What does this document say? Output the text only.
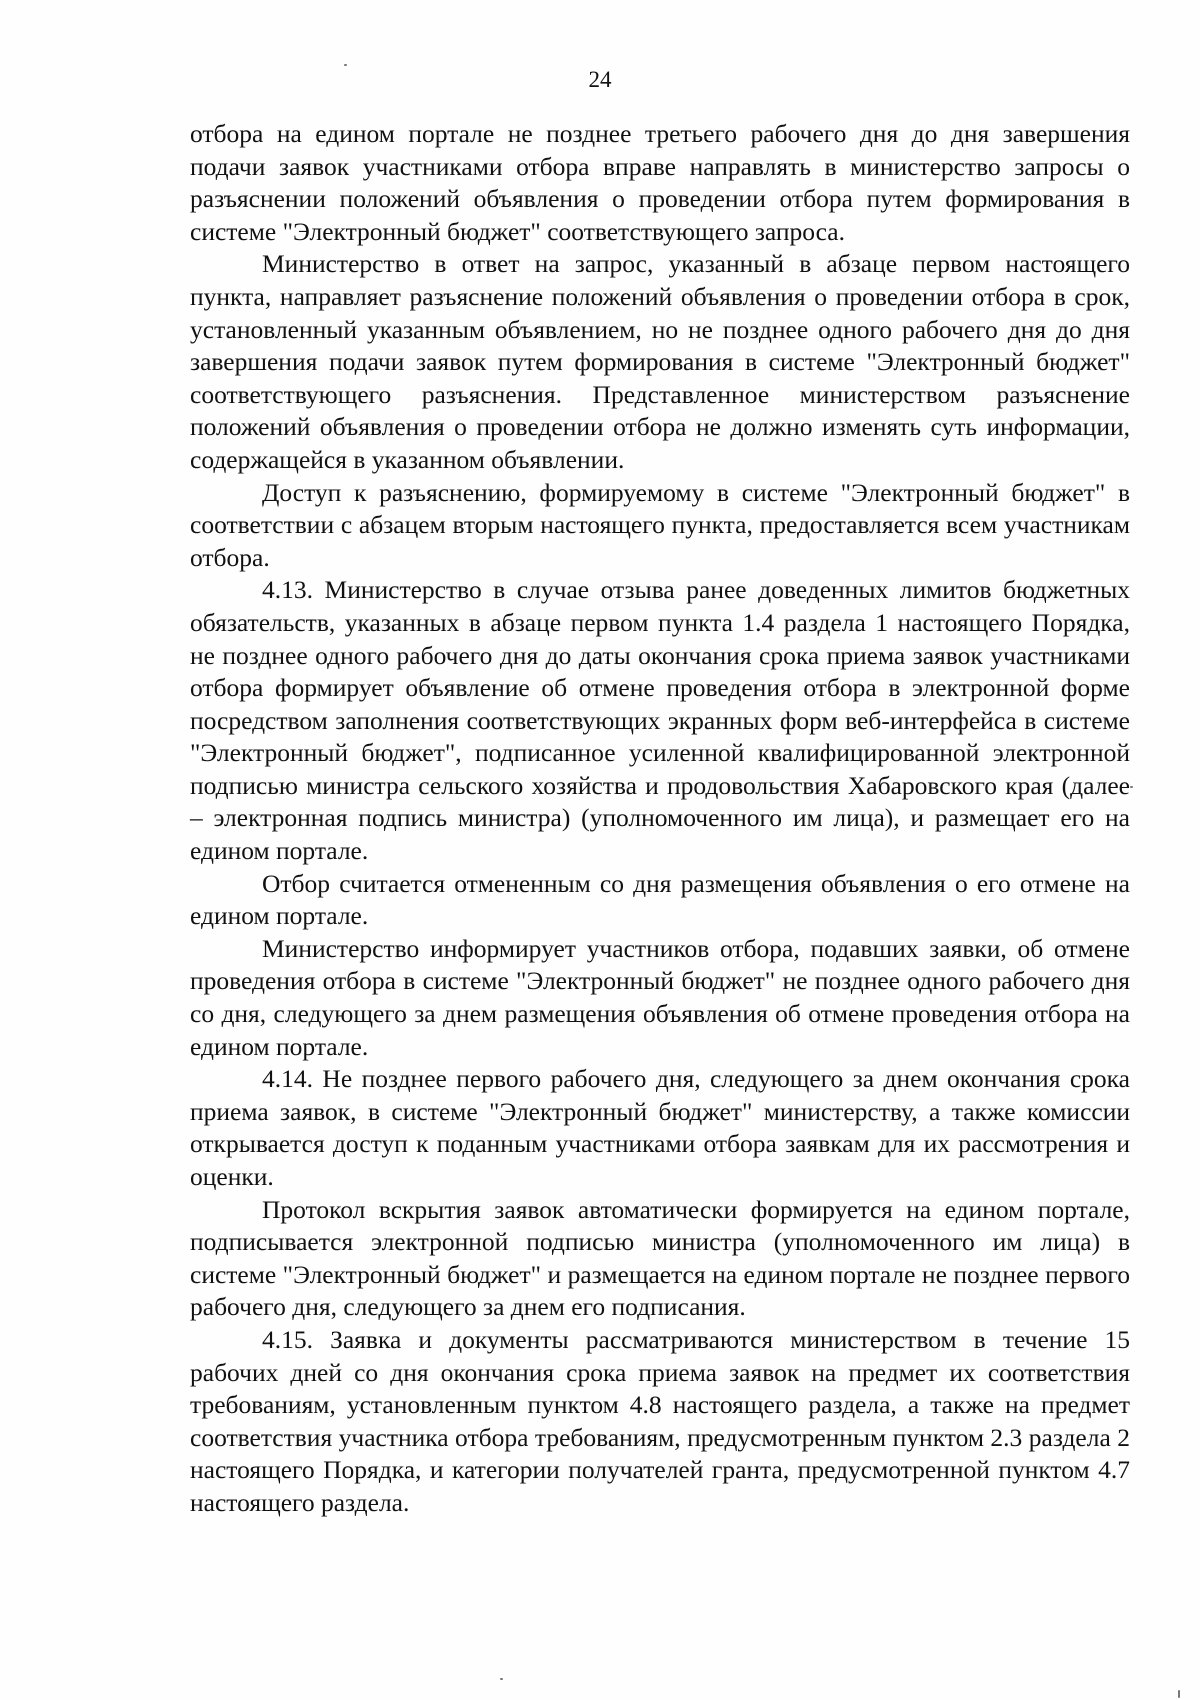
24

отбора на едином портале не позднее третьего рабочего дня до дня завершения подачи заявок участниками отбора вправе направлять в министерство запросы о разъяснении положений объявления о проведении отбора путем формирования в системе "Электронный бюджет" соответствующего запроса.

Министерство в ответ на запрос, указанный в абзаце первом настоящего пункта, направляет разъяснение положений объявления о проведении отбора в срок, установленный указанным объявлением, но не позднее одного рабочего дня до дня завершения подачи заявок путем формирования в системе "Электронный бюджет" соответствующего разъяснения. Представленное министерством разъяснение положений объявления о проведении отбора не должно изменять суть информации, содержащейся в указанном объявлении.

Доступ к разъяснению, формируемому в системе "Электронный бюджет" в соответствии с абзацем вторым настоящего пункта, предоставляется всем участникам отбора.

4.13. Министерство в случае отзыва ранее доведенных лимитов бюджетных обязательств, указанных в абзаце первом пункта 1.4 раздела 1 настоящего Порядка, не позднее одного рабочего дня до даты окончания срока приема заявок участниками отбора формирует объявление об отмене проведения отбора в электронной форме посредством заполнения соответствующих экранных форм веб-интерфейса в системе "Электронный бюджет", подписанное усиленной квалифицированной электронной подписью министра сельского хозяйства и продовольствия Хабаровского края (далее – электронная подпись министра) (уполномоченного им лица), и размещает его на едином портале.

Отбор считается отмененным со дня размещения объявления о его отмене на едином портале.

Министерство информирует участников отбора, подавших заявки, об отмене проведения отбора в системе "Электронный бюджет" не позднее одного рабочего дня со дня, следующего за днем размещения объявления об отмене проведения отбора на едином портале.

4.14. Не позднее первого рабочего дня, следующего за днем окончания срока приема заявок, в системе "Электронный бюджет" министерству, а также комиссии открывается доступ к поданным участниками отбора заявкам для их рассмотрения и оценки.

Протокол вскрытия заявок автоматически формируется на едином портале, подписывается электронной подписью министра (уполномоченного им лица) в системе "Электронный бюджет" и размещается на едином портале не позднее первого рабочего дня, следующего за днем его подписания.

4.15. Заявка и документы рассматриваются министерством в течение 15 рабочих дней со дня окончания срока приема заявок на предмет их соответствия требованиям, установленным пунктом 4.8 настоящего раздела, а также на предмет соответствия участника отбора требованиям, предусмотренным пунктом 2.3 раздела 2 настоящего Порядка, и категории получателей гранта, предусмотренной пунктом 4.7 настоящего раздела.
